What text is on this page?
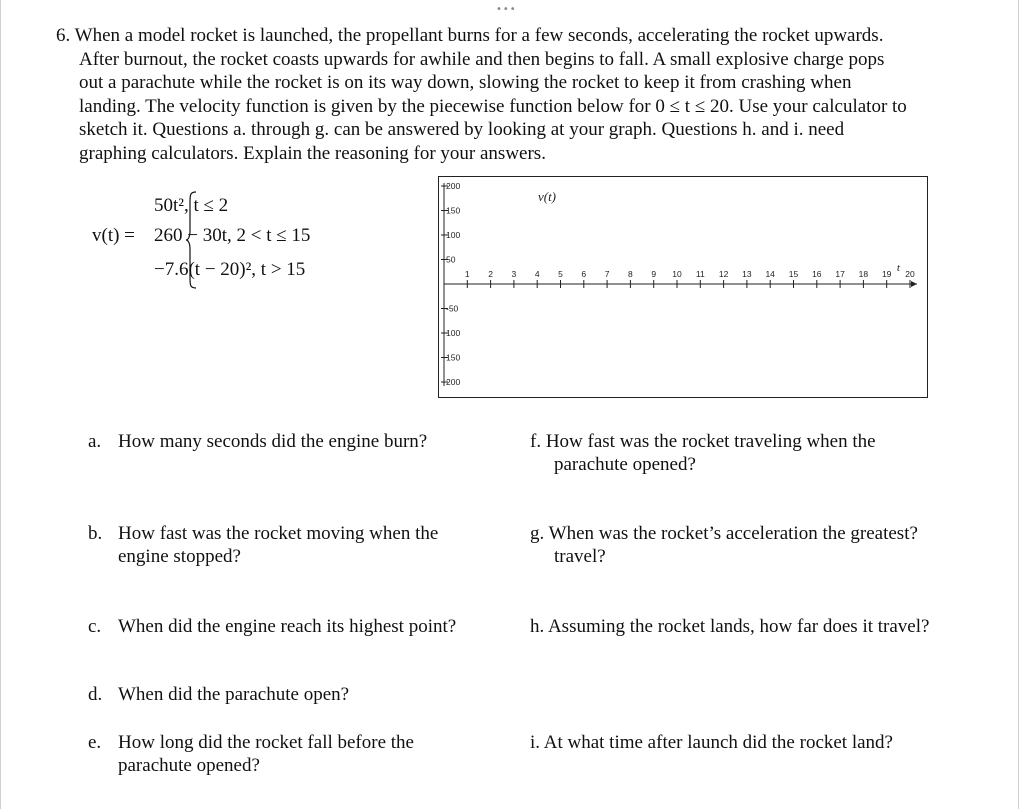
•••
6. When a model rocket is launched, the propellant burns for a few seconds, accelerating the rocket upwards.
After burnout, the rocket coasts upwards for awhile and then begins to fall. A small explosive charge pops
out a parachute while the rocket is on its way down, slowing the rocket to keep it from crashing when
landing. The velocity function is given by the piecewise function below for 0 ≤ t ≤ 20. Use your calculator to
sketch it. Questions a. through g. can be answered by looking at your graph. Questions h. and i. need
graphing calculators. Explain the reasoning for your answers.
v(t) =
50t², t ≤ 2
260 − 30t, 2 < t ≤ 15
−7.6(t − 20)², t > 15	1 2 3 4 5 6 7 8 9 10 11 12 13 14 15 16 17 18 19 20
200
150
100
50
-50
100
150
200
v(t)
t
a. How many seconds did the engine burn?
b. How fast was the rocket moving when the engine stopped?
c. When did the engine reach its highest point?
d. When did the parachute open?
e. How long did the rocket fall before the parachute opened?
f. How fast was the rocket traveling when the parachute opened?
g. When was the rocket’s acceleration the greatest? travel?
h. Assuming the rocket lands, how far does it travel?
i. At what time after launch did the rocket land?
